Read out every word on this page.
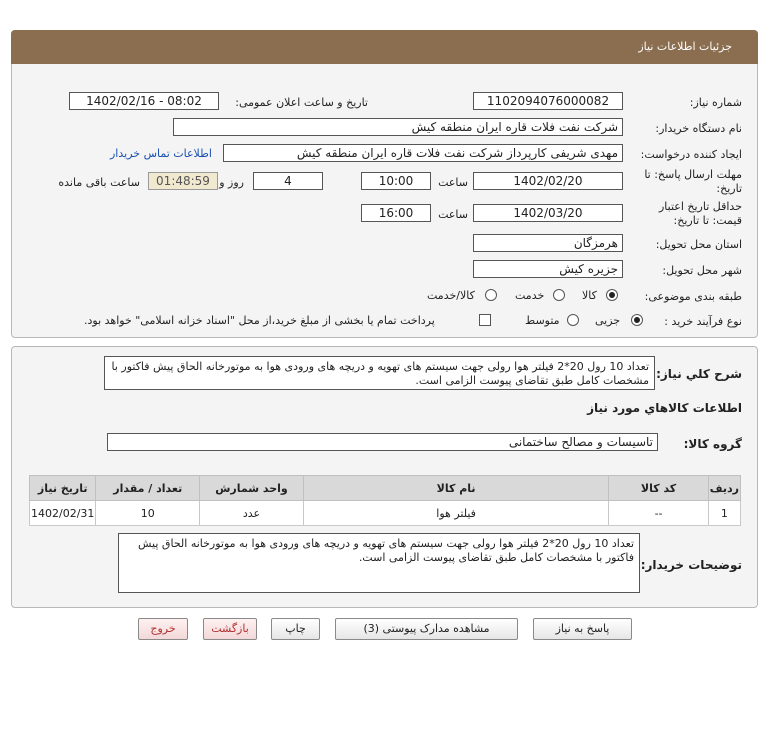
جزئیات اطلاعات نیاز
شماره نیاز:
1102094076000082
تاریخ و ساعت اعلان عمومی:
1402/02/16 - 08:02
نام دستگاه خریدار:
شرکت نفت فلات قاره ایران منطقه کیش
ایجاد کننده درخواست:
مهدی شریفی کارپرداز شرکت نفت فلات قاره ایران منطقه کیش
اطلاعات تماس خریدار
مهلت ارسال پاسخ: تا
تاریخ:
1402/02/20
ساعت
10:00
4
روز و
01:48:59
ساعت باقی مانده
حداقل تاریخ اعتبار
قیمت: تا تاریخ:
1402/03/20
ساعت
16:00
استان محل تحویل:
هرمزگان
شهر محل تحویل:
جزیره کیش
طبقه بندی موضوعی:
کالا
خدمت
کالا/خدمت
نوع فرآیند خرید :
جزیی
متوسط
پرداخت تمام یا بخشی از مبلغ خرید،از محل "اسناد خزانه اسلامی" خواهد بود.
شرح کلي نياز:
تعداد 10 رول 20*2 فیلتر هوا رولی جهت سیستم های تهویه و دریچه های ورودی هوا به موتورخانه الحاق پیش فاکتور با مشخصات کامل طبق تقاضای پیوست الزامی است.
اطلاعات کالاهاي مورد نياز
گروه کالا:
تاسیسات و مصالح ساختمانی
ردیف	کد کالا	نام کالا	واحد شمارش	تعداد / مقدار	تاریخ نیاز
1	--	فیلتر هوا	عدد	10	1402/02/31
توضیحات خریدار:
تعداد 10 رول 20*2 فیلتر هوا رولی جهت سیستم های تهویه و دریچه های ورودی هوا به موتورخانه الحاق پیش فاکتور با مشخصات کامل طبق تقاضای پیوست الزامی است.
پاسخ به نیاز
مشاهده مدارک پیوستی (3)
چاپ
بازگشت
خروج
